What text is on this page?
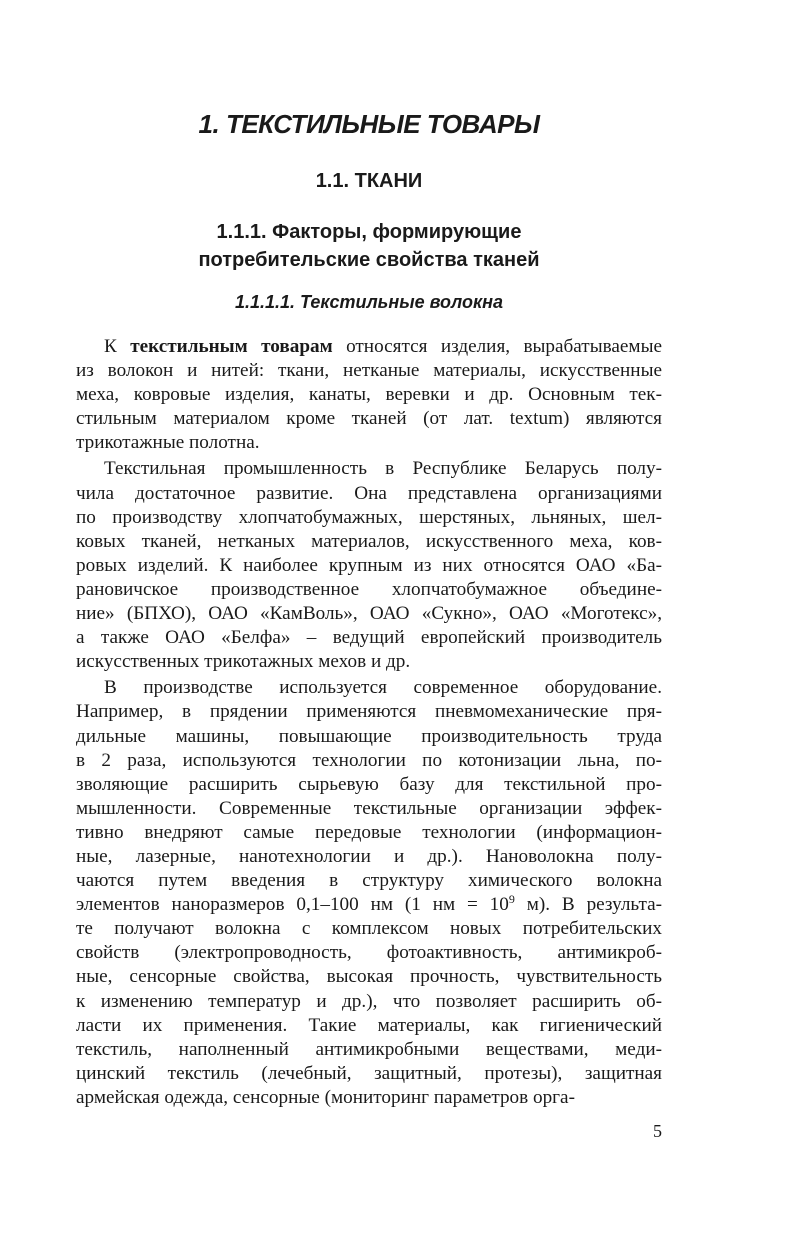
1. ТЕКСТИЛЬНЫЕ ТОВАРЫ
1.1. ТКАНИ
1.1.1. Факторы, формирующие
потребительские свойства тканей
1.1.1.1. Текстильные волокна
К текстильным товарам относятся изделия, вырабатываемые
из волокон и нитей: ткани, нетканые материалы, искусственные
меха, ковровые изделия, канаты, веревки и др. Основным тек-
стильным материалом кроме тканей (от лат. textum) являются
трикотажные полотна.
Текстильная промышленность в Республике Беларусь полу-
чила достаточное развитие. Она представлена организациями
по производству хлопчатобумажных, шерстяных, льняных, шел-
ковых тканей, нетканых материалов, искусственного меха, ков-
ровых изделий. К наиболее крупным из них относятся ОАО «Ба-
рановичское производственное хлопчатобумажное объедине-
ние» (БПХО), ОАО «КамВоль», ОАО «Сукно», ОАО «Моготекс»,
а также ОАО «Белфа» – ведущий европейский производитель
искусственных трикотажных мехов и др.
В производстве используется современное оборудование.
Например, в прядении применяются пневмомеханические пря-
дильные машины, повышающие производительность труда
в 2 раза, используются технологии по котонизации льна, по-
зволяющие расширить сырьевую базу для текстильной про-
мышленности. Современные текстильные организации эффек-
тивно внедряют самые передовые технологии (информацион-
ные, лазерные, нанотехнологии и др.). Нановолокна полу-
чаются путем введения в структуру химического волокна
элементов наноразмеров 0,1–100 нм (1 нм = $10^9$ м). В результа-
те получают волокна с комплексом новых потребительских
свойств (электропроводность, фотоактивность, антимикроб-
ные, сенсорные свойства, высокая прочность, чувствительность
к изменению температур и др.), что позволяет расширить об-
ласти их применения. Такие материалы, как гигиенический
текстиль, наполненный антимикробными веществами, меди-
цинский текстиль (лечебный, защитный, протезы), защитная
армейская одежда, сенсорные (мониторинг параметров орга-

5
